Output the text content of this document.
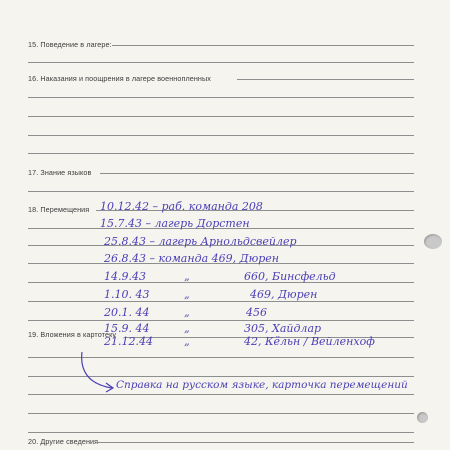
15. Поведение в лагере:
16. Наказания и поощрения в лагере военнопленных
17. Знание языков
18. Перемещения
19. Вложения в картотеку
20. Другие сведения
10.12.42 – раб. команда 208
15.7.43 – лагерь Дорстен
25.8.43 – лагерь Арнольдсвейлер
26.8.43 – команда 469, Дюрен
14.9.43	„	660, Бинсфельд
1.10. 43	„	469, Дюрен
20.1. 44	„	456
15.9. 44	„	305, Хайдлар
21.12.44	„	42, Кёльн / Вейленхоф
Справка на русском языке, карточка перемещений
